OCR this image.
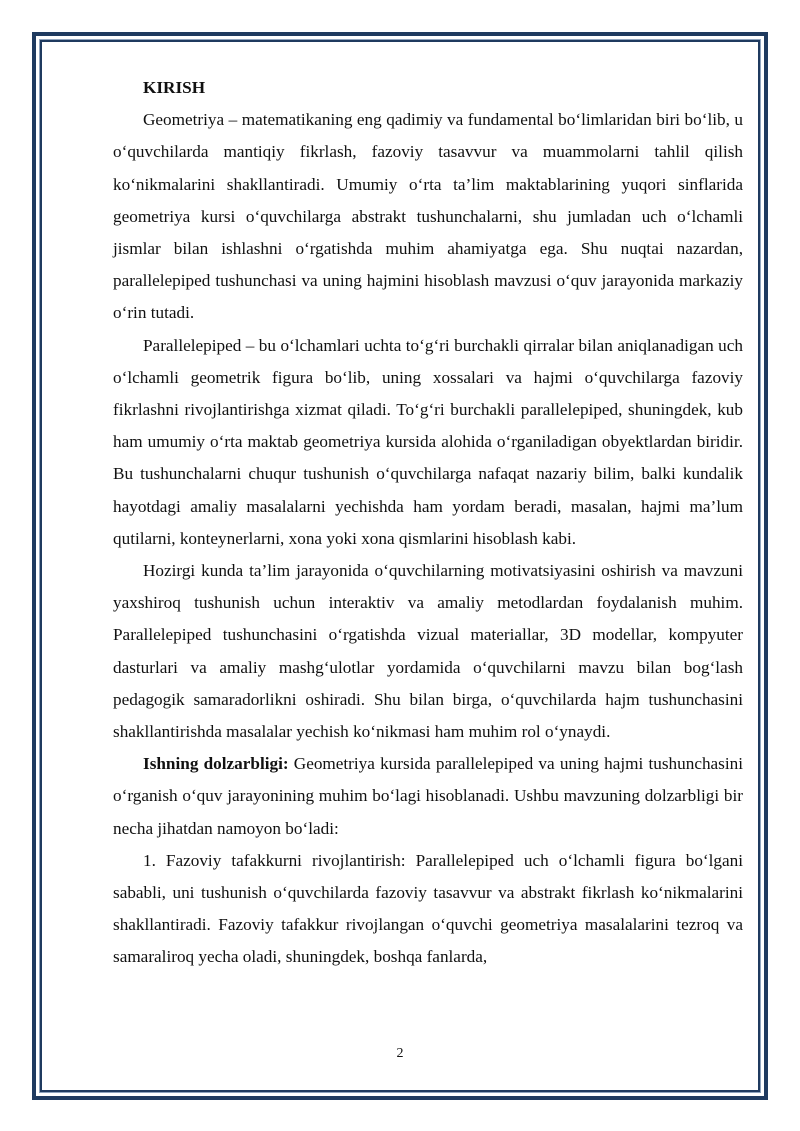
KIRISH

Geometriya – matematikaning eng qadimiy va fundamental bo‘limlaridan biri bo‘lib, u o‘quvchilarda mantiqiy fikrlash, fazoviy tasavvur va muammolarni tahlil qilish ko‘nikmalarini shakllantiradi. Umumiy o‘rta ta’lim maktablarining yuqori sinflarida geometriya kursi o‘quvchilarga abstrakt tushunchalarni, shu jumladan uch o‘lchamli jismlar bilan ishlashni o‘rgatishda muhim ahamiyatga ega. Shu nuqtai nazardan, parallelepiped tushunchasi va uning hajmini hisoblash mavzusi o‘quv jarayonida markaziy o‘rin tutadi.

Parallelepiped – bu o‘lchamlari uchta to‘g‘ri burchakli qirralar bilan aniqlanadigan uch o‘lchamli geometrik figura bo‘lib, uning xossalari va hajmi o‘quvchilarga fazoviy fikrlashni rivojlantirishga xizmat qiladi. To‘g‘ri burchakli parallelepiped, shuningdek, kub ham umumiy o‘rta maktab geometriya kursida alohida o‘rganiladigan obyektlardan biridir. Bu tushunchalarni chuqur tushunish o‘quvchilarga nafaqat nazariy bilim, balki kundalik hayotdagi amaliy masalalarni yechishda ham yordam beradi, masalan, hajmi ma’lum qutilarni, konteynerlarni, xona yoki xona qismlarini hisoblash kabi.

Hozirgi kunda ta’lim jarayonida o‘quvchilarning motivatsiyasini oshirish va mavzuni yaxshiroq tushunish uchun interaktiv va amaliy metodlardan foydalanish muhim. Parallelepiped tushunchasini o‘rgatishda vizual materiallar, 3D modellar, kompyuter dasturlari va amaliy mashg‘ulotlar yordamida o‘quvchilarni mavzu bilan bog‘lash pedagogik samaradorlikni oshiradi. Shu bilan birga, o‘quvchilarda hajm tushunchasini shakllantirishda masalalar yechish ko‘nikmasi ham muhim rol o‘ynaydi.

Ishning dolzarbligi: Geometriya kursida parallelepiped va uning hajmi tushunchasini o‘rganish o‘quv jarayonining muhim bo‘lagi hisoblanadi. Ushbu mavzuning dolzarbligi bir necha jihatdan namoyon bo‘ladi:

1. Fazoviy tafakkurni rivojlantirish: Parallelepiped uch o‘lchamli figura bo‘lgani sababli, uni tushunish o‘quvchilarda fazoviy tasavvur va abstrakt fikrlash ko‘nikmalarini shakllantiradi. Fazoviy tafakkur rivojlangan o‘quvchi geometriya masalalarini tezroq va samaraliroq yecha oladi, shuningdek, boshqa fanlarda,

2
